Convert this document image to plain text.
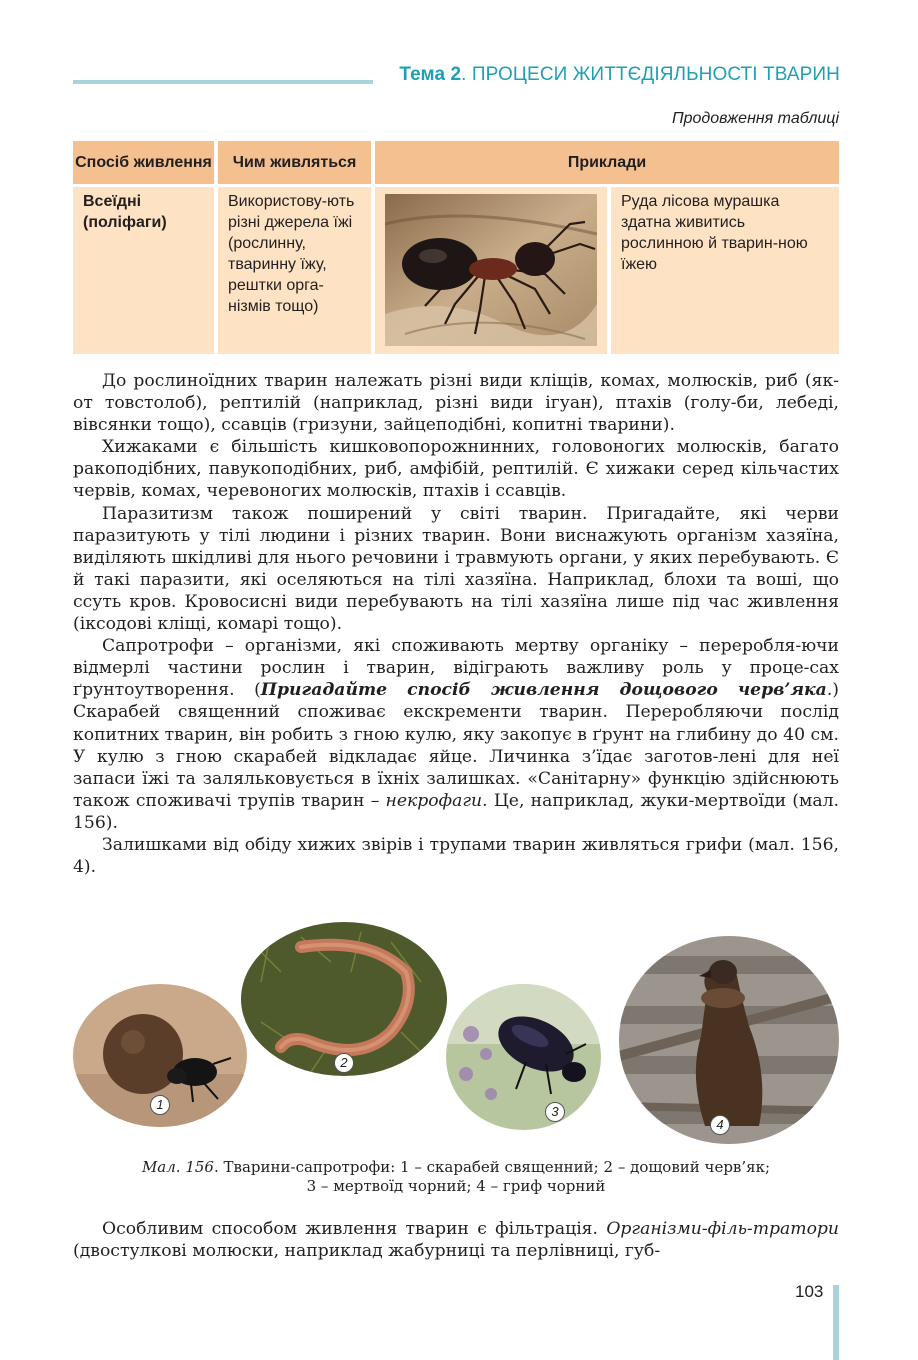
Тема 2. ПРОЦЕСИ ЖИТТЄДІЯЛЬНОСТІ ТВАРИН
Продовження таблиці
Спосіб живлення	Чим живляться	Приклади
Всеїдні (поліфаги)
Використову-ють різні джерела їжі (рослинну, тваринну їжу, рештки орга-нізмів тощо)
Руда лісова мурашка здатна живитись рослинною й тварин-ною їжею

До рослиноїдних тварин належать різні види кліщів, комах, молюсків, риб (як-от товстолоб), рептилій (наприклад, різні види ігуан), птахів (голу-би, лебеді, вівсянки тощо), ссавців (гризуни, зайцеподібні, копитні тварини).

Хижаками є більшість кишковопорожнинних, головоногих молюсків, багато ракоподібних, павукоподібних, риб, амфібій, рептилій. Є хижаки серед кільчастих червів, комах, черевоногих молюсків, птахів і ссавців.

Паразитизм також поширений у світі тварин. Пригадайте, які черви паразитують у тілі людини і різних тварин. Вони виснажують організм хазяїна, виділяють шкідливі для нього речовини і травмують органи, у яких перебувають. Є й такі паразити, які оселяються на тілі хазяїна. Наприклад, блохи та воші, що ссуть кров. Кровосисні види перебувають на тілі хазяїна лише під час живлення (іксодові кліщі, комарі тощо).

Сапротрофи – організми, які споживають мертву органіку – переробля-ючи відмерлі частини рослин і тварин, відіграють важливу роль у проце-сах ґрунтоутворення. (Пригадайте спосіб живлення дощового черв’яка.) Скарабей священний споживає екскременти тварин. Переробляючи послід копитних тварин, він робить з гною кулю, яку закопує в ґрунт на глибину до 40 см. У кулю з гною скарабей відкладає яйце. Личинка з’їдає заготов-лені для неї запаси їжі та заляльковується в їхніх залишках. «Санітарну» функцію здійснюють також споживачі трупів тварин – некрофаги. Це, наприклад, жуки-мертвоїди (мал. 156).

Залишками від обіду хижих звірів і трупами тварин живляться грифи (мал. 156, 4).

1
2
3
4
Мал. 156. Тварини-сапротрофи: 1 – скарабей священний; 2 – дощовий черв’як;
3 – мертвоїд чорний; 4 – гриф чорний

Особливим способом живлення тварин є фільтрація. Організми-філь-тратори (двостулкові молюски, наприклад жабурниці та перлівниці, губ-

103
